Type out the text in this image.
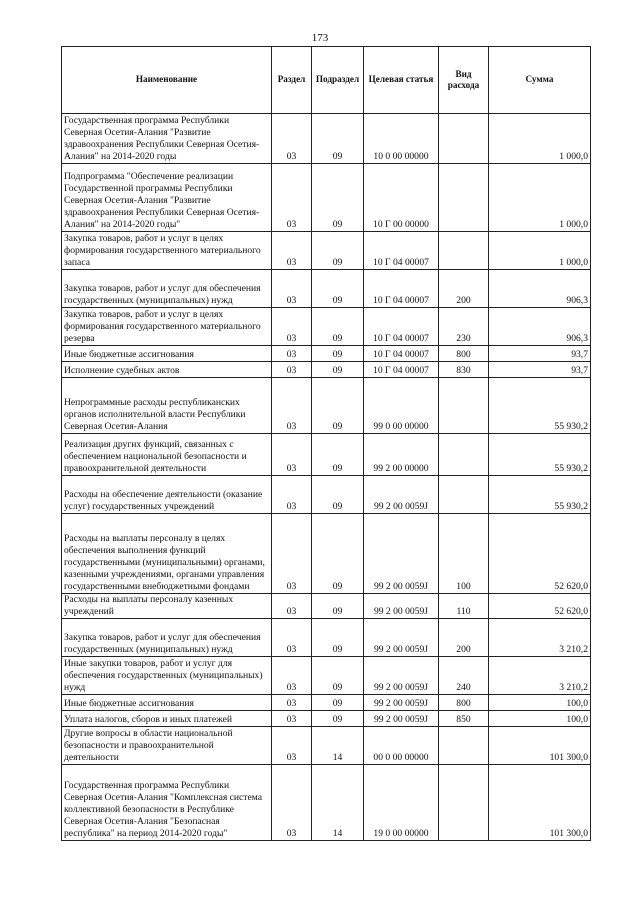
173
Наименование	Раздел	Подраздел	Целевая статья	Вид расхода	Сумма
Государственная программа Республики Северная Осетия-Алания "Развитие здравоохранения Республики Северная Осетия-Алания" на 2014-2020 годы	03	09	10 0 00 00000		1 000,0
Подпрограмма "Обеспечение реализации Государственной программы Республики Северная Осетия-Алания "Развитие здравоохранения Республики Северная Осетия-Алания" на 2014-2020 годы"	03	09	10 Г 00 00000		1 000,0
Закупка товаров, работ и услуг в целях формирования государственного материального запаса	03	09	10 Г 04 00007		1 000,0
Закупка товаров, работ и услуг для обеспечения государственных (муниципальных) нужд	03	09	10 Г 04 00007	200	906,3
Закупка товаров, работ и услуг в целях формирования государственного материального резерва	03	09	10 Г 04 00007	230	906,3
Иные бюджетные ассигнования	03	09	10 Г 04 00007	800	93,7
Исполнение судебных актов	03	09	10 Г 04 00007	830	93,7
Непрограммные расходы республиканских органов исполнительной власти Республики Северная Осетия-Алания	03	09	99 0 00 00000		55 930,2
Реализация других функций, связанных с обеспечением национальной безопасности и правоохранительной деятельности	03	09	99 2 00 00000		55 930,2
Расходы на обеспечение деятельности (оказание услуг) государственных учреждений	03	09	99 2 00 0059J		55 930,2
Расходы на выплаты персоналу в целях обеспечения выполнения функций государственными (муниципальными) органами, казенными учреждениями, органами управления государственными внебюджетными фондами	03	09	99 2 00 0059J	100	52 620,0
Расходы на выплаты персоналу казенных учреждений	03	09	99 2 00 0059J	110	52 620,0
Закупка товаров, работ и услуг для обеспечения государственных (муниципальных) нужд	03	09	99 2 00 0059J	200	3 210,2
Иные закупки товаров, работ и услуг для обеспечения государственных (муниципальных) нужд	03	09	99 2 00 0059J	240	3 210,2
Иные бюджетные ассигнования	03	09	99 2 00 0059J	800	100,0
Уплата налогов, сборов и иных платежей	03	09	99 2 00 0059J	850	100,0
Другие вопросы в области национальной безопасности и правоохранительной деятельности	03	14	00 0 00 00000		101 300,0
Государственная программа Республики Северная Осетия-Алания "Комплексная система коллективной безопасности в Республике Северная Осетия-Алания "Безопасная республика" на период 2014-2020 годы"	03	14	19 0 00 00000		101 300,0
